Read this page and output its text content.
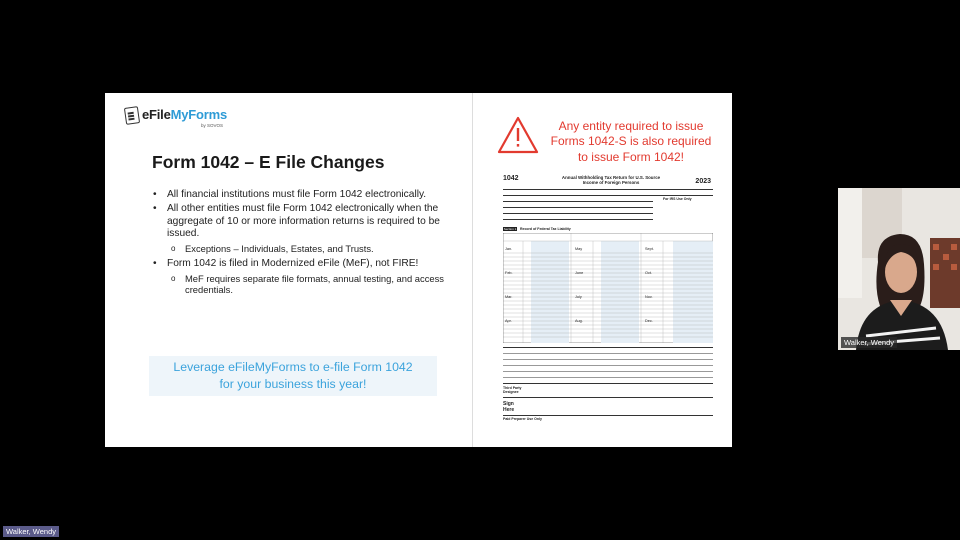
eFileMyForms
by SOVOS
Form 1042 – E File Changes
• All financial institutions must file Form 1042 electronically.
• All other entities must file Form 1042 electronically when the aggregate of 10 or more information returns is required to be issued.
o Exceptions – Individuals, Estates, and Trusts.
• Form 1042 is filed in Modernized eFile (MeF), not FIRE!
o MeF requires separate file formats, annual testing, and access credentials.
Leverage eFileMyForms to e-file Form 1042
for your business this year!
Any entity required to issue Forms 1042-S is also required to issue Form 1042!
1042	Annual Withholding Tax Return for U.S. Source
Income of Foreign Persons	2023
For IRS Use Only
Section 1 Record of Federal Tax Liability
Jan.
Feb.
Mar.
Apr.
May
June
July
Aug.
Sept.
Oct.
Nov.
Dec.
Third Party Designee
Sign Here
Paid Preparer Use Only
Walker, Wendy
Walker, Wendy
